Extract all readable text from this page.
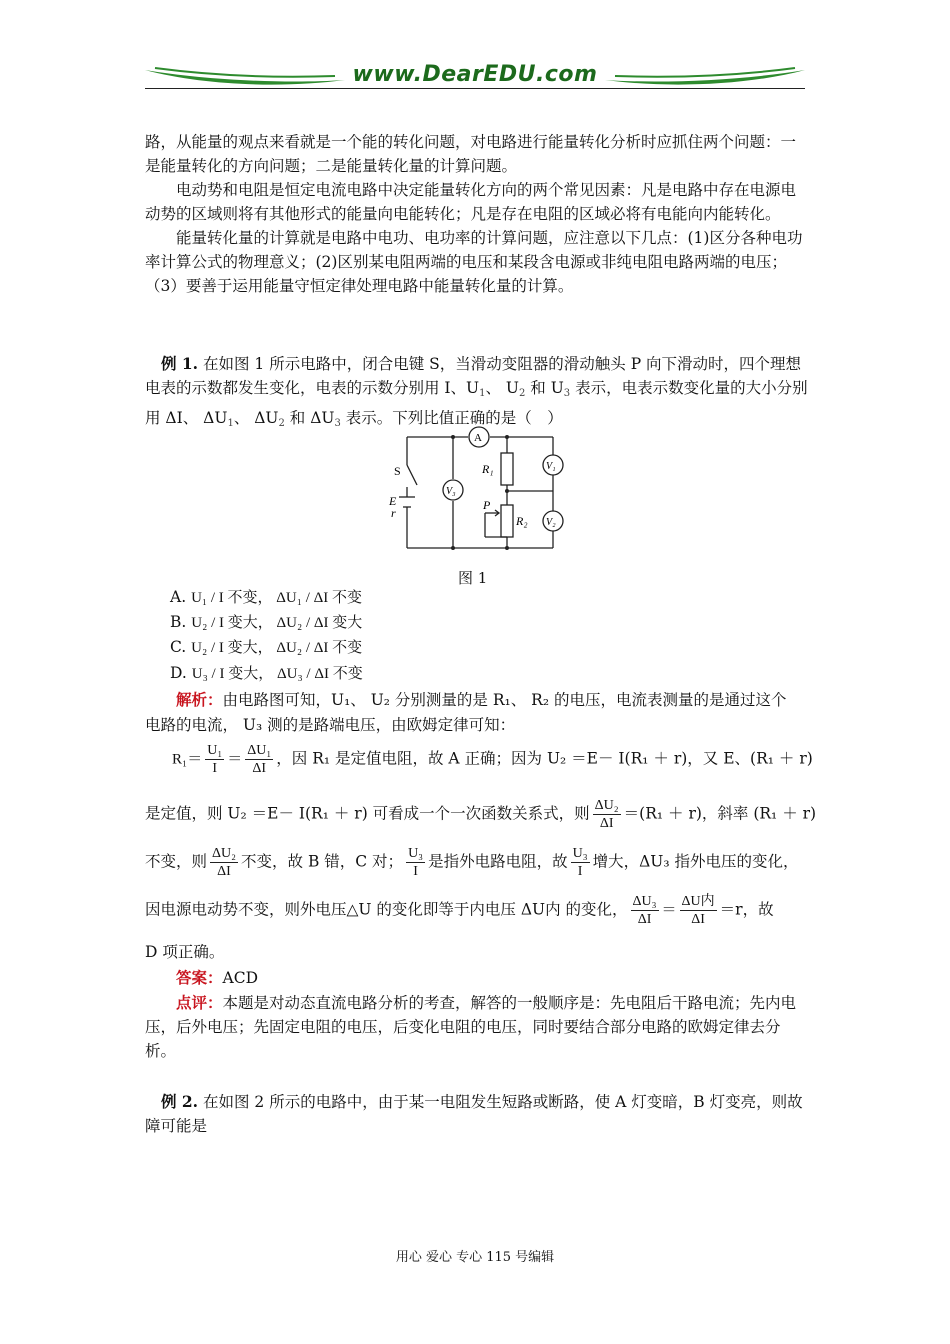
www.DearEDU.com

路，从能量的观点来看就是一个能的转化问题，对电路进行能量转化分析时应抓住两个问题：一是能量转化的方向问题；二是能量转化量的计算问题。

电动势和电阻是恒定电流电路中决定能量转化方向的两个常见因素：凡是电路中存在电源电动势的区域则将有其他形式的能量向电能转化；凡是存在电阻的区域必将有电能向内能转化。

能量转化量的计算就是电路中电功、电功率的计算问题，应注意以下几点：(1)区分各种电功率计算公式的物理意义；(2)区别某电阻两端的电压和某段含电源或非纯电阻电路两端的电压；（3）要善于运用能量守恒定律处理电路中能量转化量的计算。

例 1. 在如图 1 所示电路中，闭合电键 S，当滑动变阻器的滑动触头 P 向下滑动时，四个理想电表的示数都发生变化，电表的示数分别用 I、$U_1$、 $U_2$ 和 $U_3$ 表示，电表示数变化量的大小分别用 ΔI、 $\Delta U_1$、 $\Delta U_2$ 和 $\Delta U_3$ 表示。下列比值正确的是（　）

A
V₃
V₁
V₂
R₁
R₂
S
E
r
P
图 1
A. U₁ / I 不变， ΔU₁ / ΔI 不变
B. U₂ / I 变大， ΔU₂ / ΔI 变大
C. U₂ / I 变大， ΔU₂ / ΔI 不变
D. U₃ / I 变大， ΔU₃ / ΔI 不变
解析：由电路图可知，U₁、 U₂ 分别测量的是 R₁、 R₂ 的电压，电流表测量的是通过这个
电路的电流， U₃ 测的是路端电压，由欧姆定律可知：
$R_1= \frac{\text{U₁}}{I} = \frac{\text{ΔU₁}}{\Delta I}$ ，因 R₁ 是定值电阻，故 A 正确；因为 U₂ ＝E－ I(R₁ ＋ r)，又 E、(R₁ ＋ r)
是定值，则 U₂ ＝E－ I(R₁ ＋ r) 可看成一个一次函数关系式，则 $\frac{\text{ΔU₂}}{\Delta I} =(R_1 + r)$，斜率 (R₁ ＋ r)
不变，则 $\frac{\text{ΔU₂}}{\Delta I}$ 不变，故 B 错，C 对； $\frac{\text{U₃}}{I}$ 是指外电路电阻，故 $\frac{\text{U₃}}{I}$ 增大，ΔU₃ 指外电压的变化，
因电源电动势不变，则外电压△U 的变化即等于内电压 ΔU内 的变化， $\frac{\text{ΔU₃}}{\Delta I} = \frac{\text{ΔU内}}{\Delta I} =r$，故
D 项正确。
答案：ACD

点评：本题是对动态直流电路分析的考查，解答的一般顺序是：先电阻后干路电流；先内电压，后外电压；先固定电阻的电压，后变化电阻的电压，同时要结合部分电路的欧姆定律去分析。

例 2. 在如图 2 所示的电路中，由于某一电阻发生短路或断路，使 A 灯变暗，B 灯变亮，则故障可能是

用心 爱心 专心 115 号编辑
